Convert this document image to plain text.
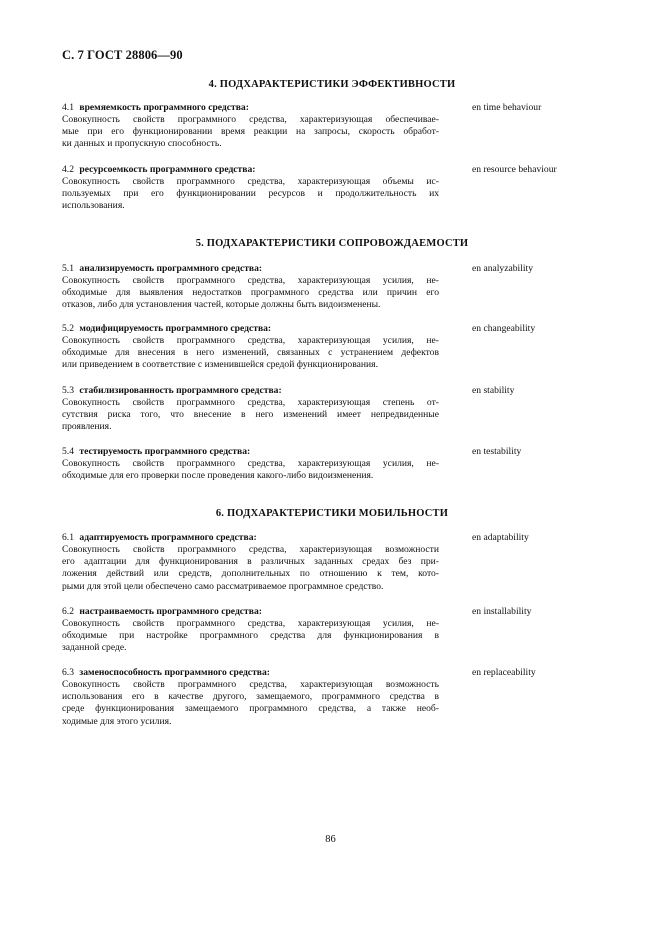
С. 7 ГОСТ 28806—90
4. ПОДХАРАКТЕРИСТИКИ ЭФФЕКТИВНОСТИ
4.1 времяемкость программного средства:
Совокупность свойств программного средства, характеризующая обеспечивае-
мые при его функционировании время реакции на запросы, скорость обработ-
ки данных и пропускную способность.
en time behaviour
4.2 ресурсоемкость программного средства:
Совокупность свойств программного средства, характеризующая объемы ис-
пользуемых при его функционировании ресурсов и продолжительность их
использования.
en resource behaviour
5. ПОДХАРАКТЕРИСТИКИ СОПРОВОЖДАЕМОСТИ
5.1 анализируемость программного средства:
Совокупность свойств программного средства, характеризующая усилия, не-
обходимые для выявления недостатков программного средства или причин его
отказов, либо для установления частей, которые должны быть видоизменены.
en analyzability
5.2 модифицируемость программного средства:
Совокупность свойств программного средства, характеризующая усилия, не-
обходимые для внесения в него изменений, связанных с устранением дефектов
или приведением в соответствие с изменившейся средой функционирования.
en changeability
5.3 стабилизированность программного средства:
Совокупность свойств программного средства, характеризующая степень от-
сутствия риска того, что внесение в него изменений имеет непредвиденные
проявления.
en stability
5.4 тестируемость программного средства:
Совокупность свойств программного средства, характеризующая усилия, не-
обходимые для его проверки после проведения какого-либо видоизменения.
en testability
6. ПОДХАРАКТЕРИСТИКИ МОБИЛЬНОСТИ
6.1 адаптируемость программного средства:
Совокупность свойств программного средства, характеризующая возможности
его адаптации для функционирования в различных заданных средах без при-
ложения действий или средств, дополнительных по отношению к тем, кото-
рыми для этой цели обеспечено само рассматриваемое программное средство.
en adaptability
6.2 настраиваемость программного средства:
Совокупность свойств программного средства, характеризующая усилия, не-
обходимые при настройке программного средства для функционирования в
заданной среде.
en installability
6.3 заменоспособность программного средства:
Совокупность свойств программного средства, характеризующая возможность
использования его в качестве другого, замещаемого, программного средства в
среде функционирования замещаемого программного средства, а также необ-
ходимые для этого усилия.
en replaceability
86
